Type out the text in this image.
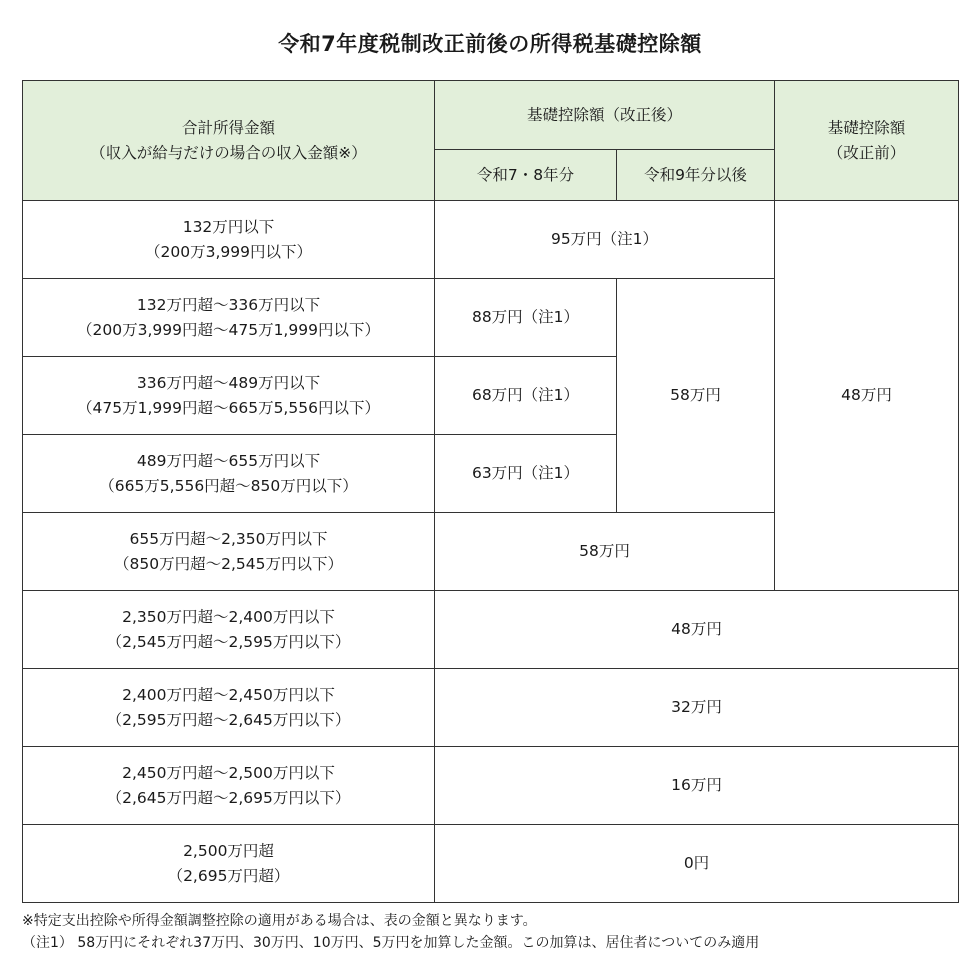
令和7年度税制改正前後の所得税基礎控除額
合計所得金額
（収入が給与だけの場合の収入金額※）	基礎控除額（改正後）		基礎控除額
（改正前）

	令和7・8年分	令和9年分以後	

132万円以下
（200万3,999円以下）	95万円（注1）		48万円

132万円超～336万円以下
（200万3,999円超～475万1,999円以下）	88万円（注1）	58万円	

336万円超～489万円以下
（475万1,999円超～665万5,556円以下）	68万円（注1）		

489万円超～655万円以下
（665万5,556円超～850万円以下）	63万円（注1）		

655万円超～2,350万円以下
（850万円超～2,545万円以下）	58万円		

2,350万円超～2,400万円以下
（2,545万円超～2,595万円以下）	48万円		

2,400万円超～2,450万円以下
（2,595万円超～2,645万円以下）	32万円		

2,450万円超～2,500万円以下
（2,645万円超～2,695万円以下）	16万円		

2,500万円超
（2,695万円超）	0円		
※特定支出控除や所得金額調整控除の適用がある場合は、表の金額と異なります。
（注1） 58万円にそれぞれ37万円、30万円、10万円、5万円を加算した金額。この加算は、居住者についてのみ適用
